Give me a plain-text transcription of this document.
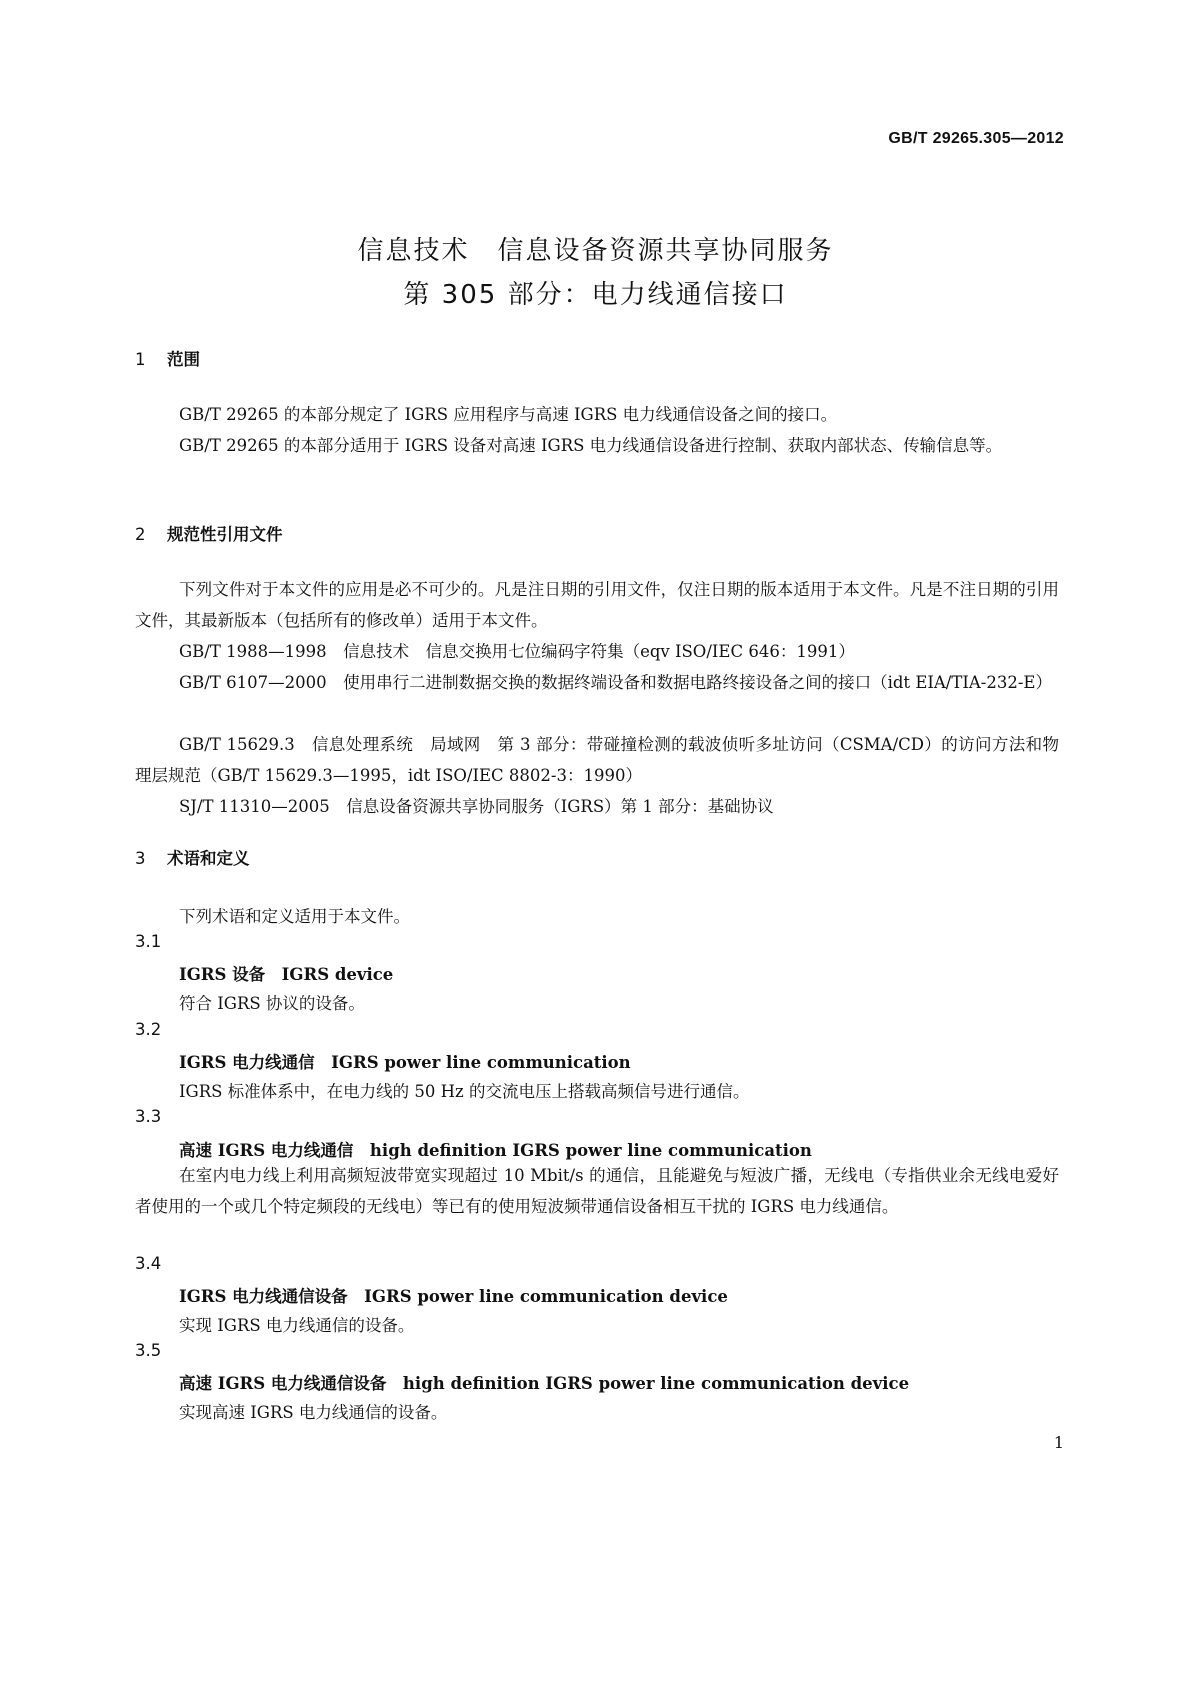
GB/T 29265.305—2012
信息技术　信息设备资源共享协同服务
第 305 部分：电力线通信接口
1 范围
GB/T 29265 的本部分规定了 IGRS 应用程序与高速 IGRS 电力线通信设备之间的接口。
GB/T 29265 的本部分适用于 IGRS 设备对高速 IGRS 电力线通信设备进行控制、获取内部状态、传输信息等。
2 规范性引用文件
下列文件对于本文件的应用是必不可少的。凡是注日期的引用文件，仅注日期的版本适用于本文件。凡是不注日期的引用文件，其最新版本（包括所有的修改单）适用于本文件。
GB/T 1988—1998　信息技术　信息交换用七位编码字符集（eqv ISO/IEC 646：1991）
GB/T 6107—2000　使用串行二进制数据交换的数据终端设备和数据电路终接设备之间的接口（idt EIA/TIA-232-E）
GB/T 15629.3　信息处理系统　局域网　第 3 部分：带碰撞检测的载波侦听多址访问（CSMA/CD）的访问方法和物理层规范（GB/T 15629.3—1995，idt ISO/IEC 8802-3：1990）
SJ/T 11310—2005　信息设备资源共享协同服务（IGRS）第 1 部分：基础协议
3 术语和定义
下列术语和定义适用于本文件。
3.1
IGRS 设备　IGRS device
符合 IGRS 协议的设备。
3.2
IGRS 电力线通信　IGRS power line communication
IGRS 标准体系中，在电力线的 50 Hz 的交流电压上搭载高频信号进行通信。
3.3
高速 IGRS 电力线通信　high definition IGRS power line communication
在室内电力线上利用高频短波带宽实现超过 10 Mbit/s 的通信，且能避免与短波广播，无线电（专指供业余无线电爱好者使用的一个或几个特定频段的无线电）等已有的使用短波频带通信设备相互干扰的 IGRS 电力线通信。
3.4
IGRS 电力线通信设备　IGRS power line communication device
实现 IGRS 电力线通信的设备。
3.5
高速 IGRS 电力线通信设备　high definition IGRS power line communication device
实现高速 IGRS 电力线通信的设备。
1
